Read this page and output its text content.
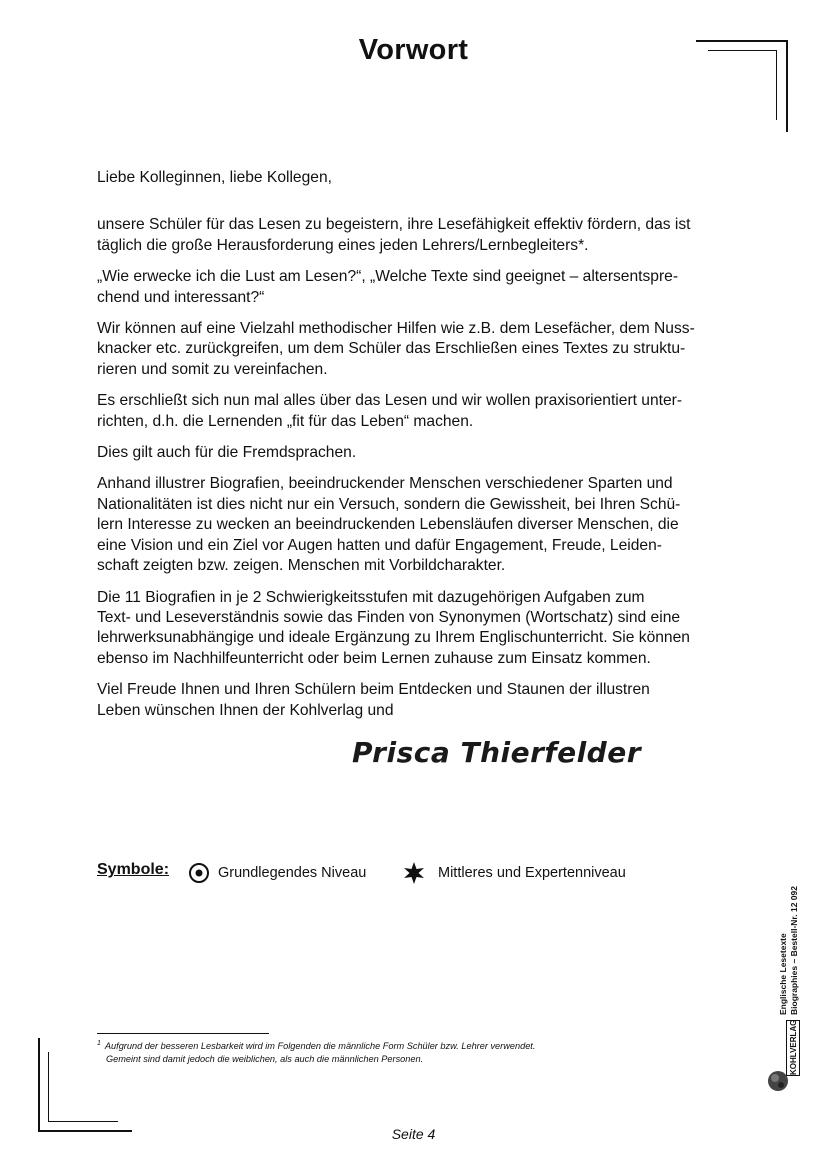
Vorwort

Liebe Kolleginnen, liebe Kollegen,

unsere Schüler für das Lesen zu begeistern, ihre Lesefähigkeit effektiv fördern, das ist
täglich die große Herausforderung eines jeden Lehrers/Lernbegleiters*.

„Wie erwecke ich die Lust am Lesen?“, „Welche Texte sind geeignet – altersentspre-
chend und interessant?“

Wir können auf eine Vielzahl methodischer Hilfen wie z.B. dem Lesefächer, dem Nuss-
knacker etc. zurückgreifen, um dem Schüler das Erschließen eines Textes zu struktu-
rieren und somit zu vereinfachen.

Es erschließt sich nun mal alles über das Lesen und wir wollen praxisorientiert unter-
richten, d.h. die Lernenden „fit für das Leben“ machen.

Dies gilt auch für die Fremdsprachen.

Anhand illustrer Biografien, beeindruckender Menschen verschiedener Sparten und
Nationalitäten ist dies nicht nur ein Versuch, sondern die Gewissheit, bei Ihren Schü-
lern Interesse zu wecken an beeindruckenden Lebensläufen diverser Menschen, die
eine Vision und ein Ziel vor Augen hatten und dafür Engagement, Freude, Leiden-
schaft zeigten bzw. zeigen. Menschen mit Vorbildcharakter.

Die 11 Biografien in je 2 Schwierigkeitsstufen mit dazugehörigen Aufgaben zum
Text- und Leseverständnis sowie das Finden von Synonymen (Wortschatz) sind eine
lehrwerksunabhängige und ideale Ergänzung zu Ihrem Englischunterricht. Sie können
ebenso im Nachhilfeunterricht oder beim Lernen zuhause zum Einsatz kommen.

Viel Freude Ihnen und Ihren Schülern beim Entdecken und Staunen der illustren
Leben wünschen Ihnen der Kohlverlag und

Prisca Thierfelder
Symbole:	Grundlegendes Niveau	Mittleres und Expertenniveau
Englische Lesetexte Biographies – Bestell-Nr. 12 092
KOHLVERLAG
$^1$ Aufgrund der besseren Lesbarkeit wird im Folgenden die männliche Form Schüler bzw. Lehrer verwendet.
Gemeint sind damit jedoch die weiblichen, als auch die männlichen Personen.
Seite 4
